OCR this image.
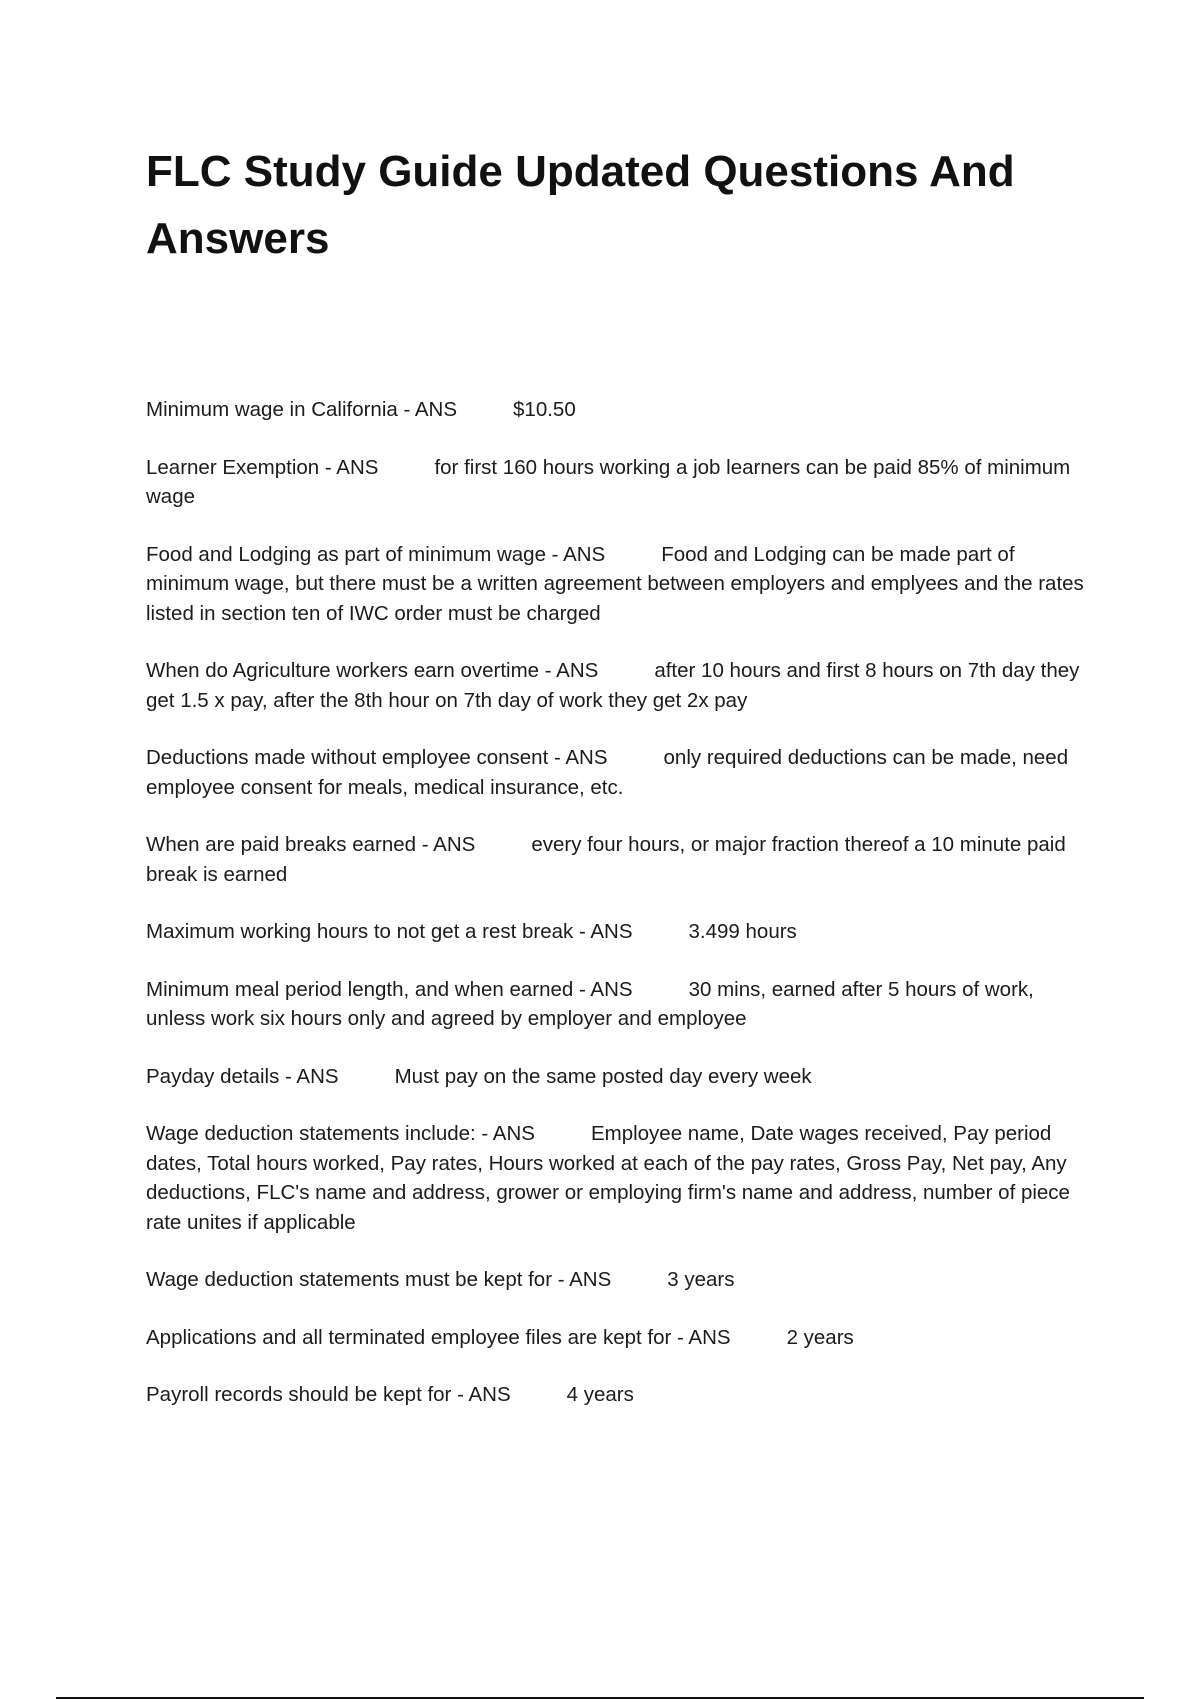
FLC Study Guide Updated Questions And Answers

Minimum wage in California - ANS	$10.50

Learner Exemption - ANS	for first 160 hours working a job learners can be paid 85% of minimum wage

Food and Lodging as part of minimum wage - ANS	Food and Lodging can be made part of minimum wage, but there must be a written agreement between employers and emplyees and the rates listed in section ten of IWC order must be charged

When do Agriculture workers earn overtime - ANS	after 10 hours and first 8 hours on 7th day they get 1.5 x pay, after the 8th hour on 7th day of work they get 2x pay

Deductions made without employee consent - ANS	only required deductions can be made, need employee consent for meals, medical insurance, etc.

When are paid breaks earned - ANS	every four hours, or major fraction thereof a 10 minute paid break is earned

Maximum working hours to not get a rest break - ANS	3.499 hours

Minimum meal period length, and when earned - ANS	30 mins, earned after 5 hours of work, unless work six hours only and agreed by employer and employee

Payday details - ANS	Must pay on the same posted day every week

Wage deduction statements include: - ANS	Employee name, Date wages received, Pay period dates, Total hours worked, Pay rates, Hours worked at each of the pay rates, Gross Pay, Net pay, Any deductions, FLC's name and address, grower or employing firm's name and address, number of piece rate unites if applicable

Wage deduction statements must be kept for - ANS	3 years

Applications and all terminated employee files are kept for - ANS	2 years

Payroll records should be kept for - ANS	4 years
